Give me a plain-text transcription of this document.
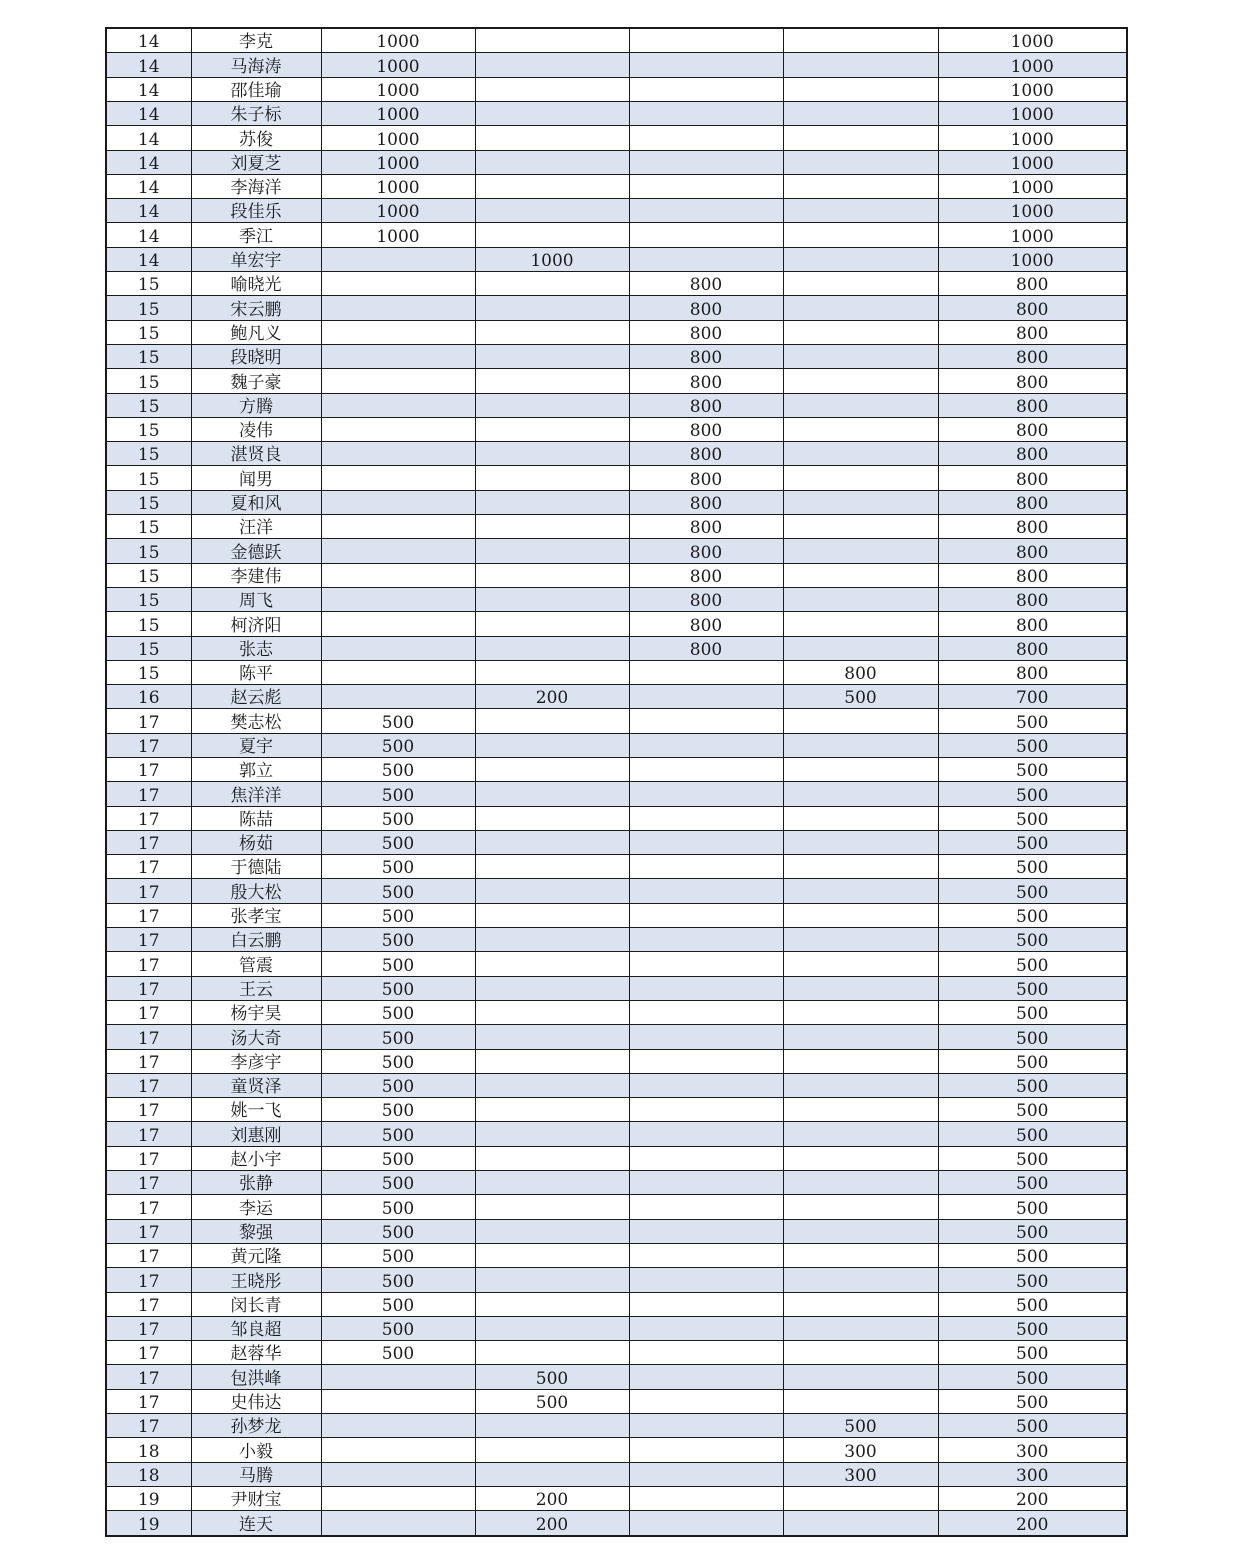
14	李克	1000				1000
14	马海涛	1000				1000
14	邵佳瑜	1000				1000
14	朱子标	1000				1000
14	苏俊	1000				1000
14	刘夏芝	1000				1000
14	李海洋	1000				1000
14	段佳乐	1000				1000
14	季江	1000				1000
14	单宏宇		1000			1000
15	喻晓光			800		800
15	宋云鹏			800		800
15	鲍凡义			800		800
15	段晓明			800		800
15	魏子豪			800		800
15	方腾			800		800
15	凌伟			800		800
15	湛贤良			800		800
15	闻男			800		800
15	夏和风			800		800
15	汪洋			800		800
15	金德跃			800		800
15	李建伟			800		800
15	周飞			800		800
15	柯济阳			800		800
15	张志			800		800
15	陈平				800	800
16	赵云彪		200		500	700
17	樊志松	500				500
17	夏宇	500				500
17	郭立	500				500
17	焦洋洋	500				500
17	陈喆	500				500
17	杨茹	500				500
17	于德陆	500				500
17	殷大松	500				500
17	张孝宝	500				500
17	白云鹏	500				500
17	管震	500				500
17	王云	500				500
17	杨宇昊	500				500
17	汤大奇	500				500
17	李彦宇	500				500
17	童贤泽	500				500
17	姚一飞	500				500
17	刘惠刚	500				500
17	赵小宇	500				500
17	张静	500				500
17	李运	500				500
17	黎强	500				500
17	黄元隆	500				500
17	王晓彤	500				500
17	闵长青	500				500
17	邹良超	500				500
17	赵蓉华	500				500
17	包洪峰		500			500
17	史伟达		500			500
17	孙梦龙				500	500
18	小毅				300	300
18	马腾				300	300
19	尹财宝		200			200
19	连天		200			200
